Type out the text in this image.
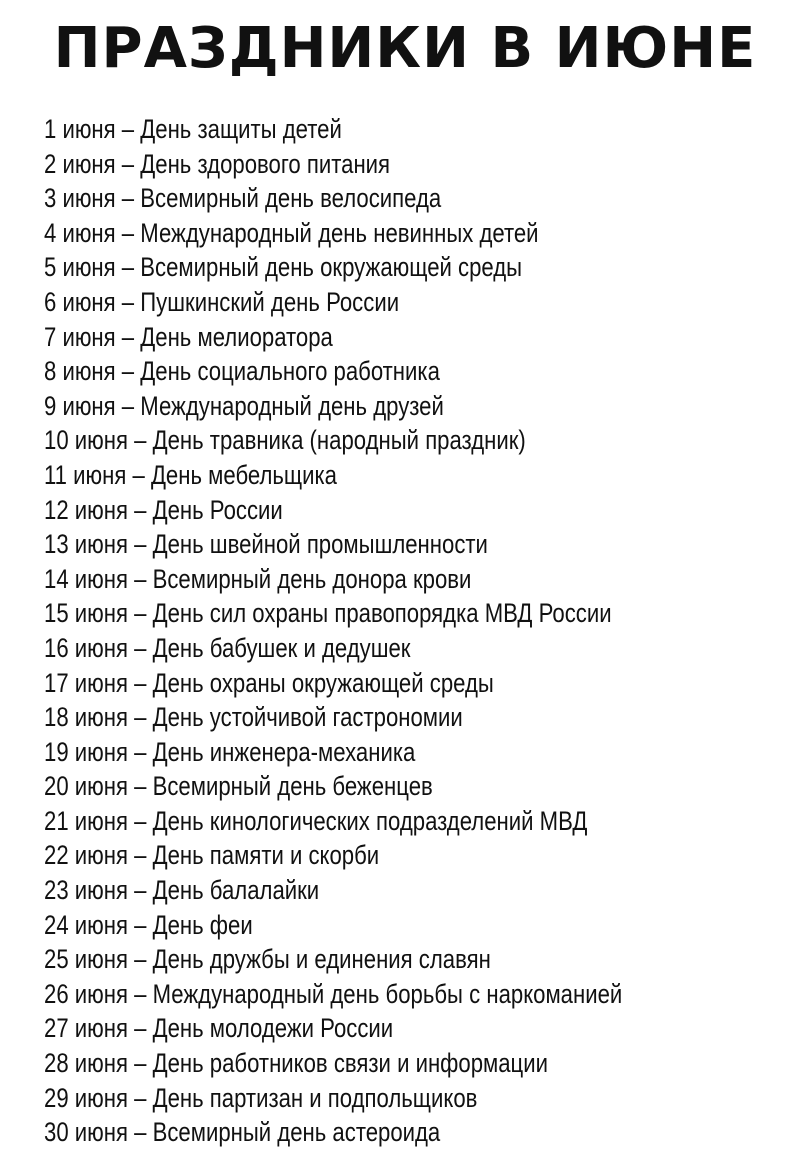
ПРАЗДНИКИ В ИЮНЕ
1 июня – День защиты детей
2 июня – День здорового питания
3 июня – Всемирный день велосипеда
4 июня – Международный день невинных детей
5 июня – Всемирный день окружающей среды
6 июня – Пушкинский день России
7 июня – День мелиоратора
8 июня – День социального работника
9 июня – Международный день друзей
10 июня – День травника (народный праздник)
11 июня – День мебельщика
12 июня – День России
13 июня – День швейной промышленности
14 июня – Всемирный день донора крови
15 июня – День сил охраны правопорядка МВД России
16 июня – День бабушек и дедушек
17 июня – День охраны окружающей среды
18 июня – День устойчивой гастрономии
19 июня – День инженера-механика
20 июня – Всемирный день беженцев
21 июня – День кинологических подразделений МВД
22 июня – День памяти и скорби
23 июня – День балалайки
24 июня – День феи
25 июня – День дружбы и единения славян
26 июня – Международный день борьбы с наркоманией
27 июня – День молодежи России
28 июня – День работников связи и информации
29 июня – День партизан и подпольщиков
30 июня – Всемирный день астероида
